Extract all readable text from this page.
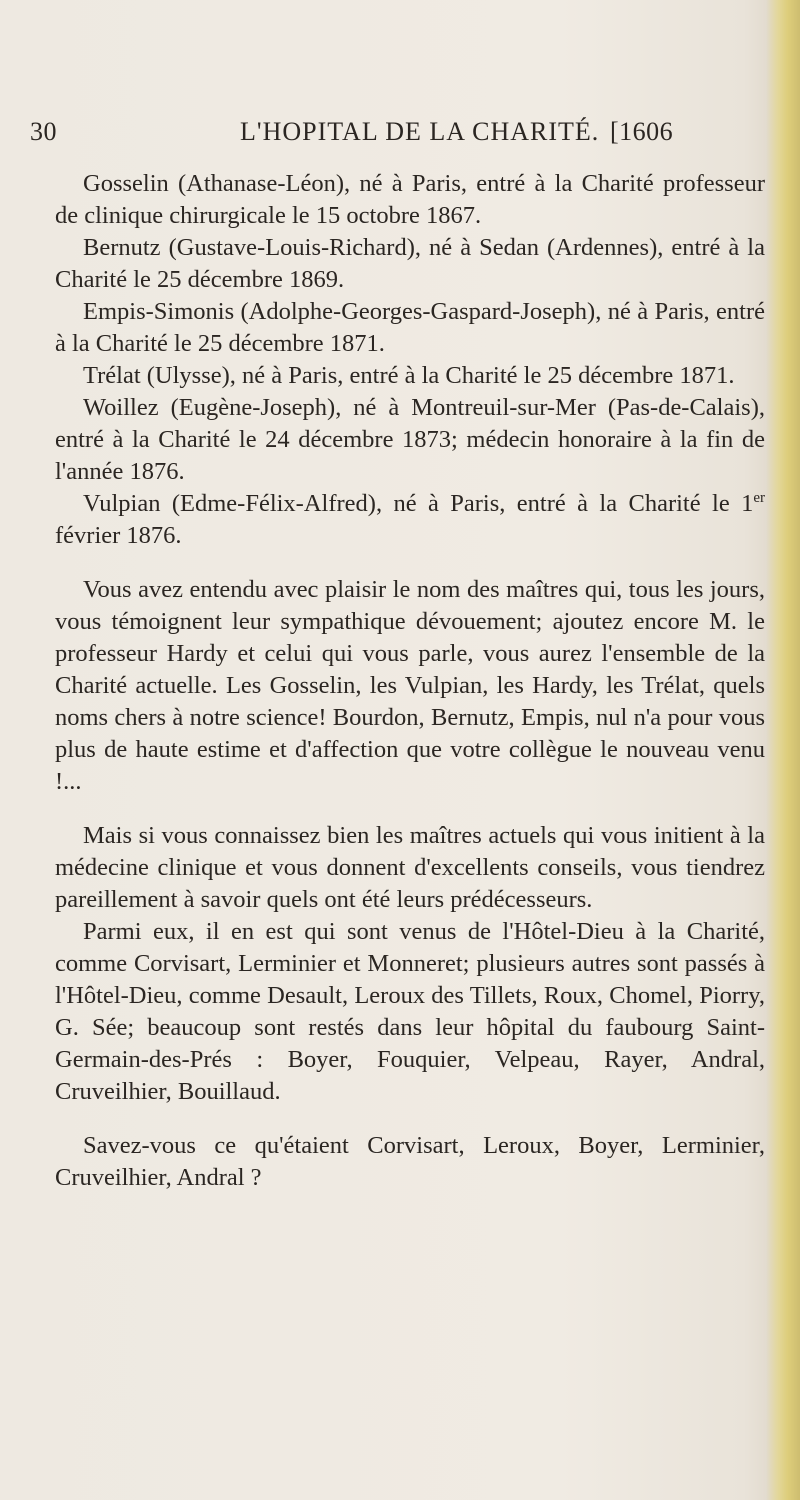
30	L'HOPITAL DE LA CHARITÉ. [1606

Gosselin (Athanase-Léon), né à Paris, entré à la Charité professeur de clinique chirurgicale le 15 octobre 1867.

Bernutz (Gustave-Louis-Richard), né à Sedan (Ardennes), entré à la Charité le 25 décembre 1869.

Empis-Simonis (Adolphe-Georges-Gaspard-Joseph), né à Paris, entré à la Charité le 25 décembre 1871.

Trélat (Ulysse), né à Paris, entré à la Charité le 25 décembre 1871.

Woillez (Eugène-Joseph), né à Montreuil-sur-Mer (Pas-de-Calais), entré à la Charité le 24 décembre 1873; médecin honoraire à la fin de l'année 1876.

Vulpian (Edme-Félix-Alfred), né à Paris, entré à la Charité le 1er février 1876.

Vous avez entendu avec plaisir le nom des maîtres qui, tous les jours, vous témoignent leur sympathique dévouement; ajoutez encore M. le professeur Hardy et celui qui vous parle, vous aurez l'ensemble de la Charité actuelle. Les Gosselin, les Vulpian, les Hardy, les Trélat, quels noms chers à notre science! Bourdon, Bernutz, Empis, nul n'a pour vous plus de haute estime et d'affection que votre collègue le nouveau venu !...

Mais si vous connaissez bien les maîtres actuels qui vous initient à la médecine clinique et vous donnent d'excellents conseils, vous tiendrez pareillement à savoir quels ont été leurs prédécesseurs.

Parmi eux, il en est qui sont venus de l'Hôtel-Dieu à la Charité, comme Corvisart, Lerminier et Monneret; plusieurs autres sont passés à l'Hôtel-Dieu, comme Desault, Leroux des Tillets, Roux, Chomel, Piorry, G. Sée; beaucoup sont restés dans leur hôpital du faubourg Saint-Germain-des-Prés : Boyer, Fouquier, Velpeau, Rayer, Andral, Cruveilhier, Bouillaud.

Savez-vous ce qu'étaient Corvisart, Leroux, Boyer, Lerminier, Cruveilhier, Andral ?
